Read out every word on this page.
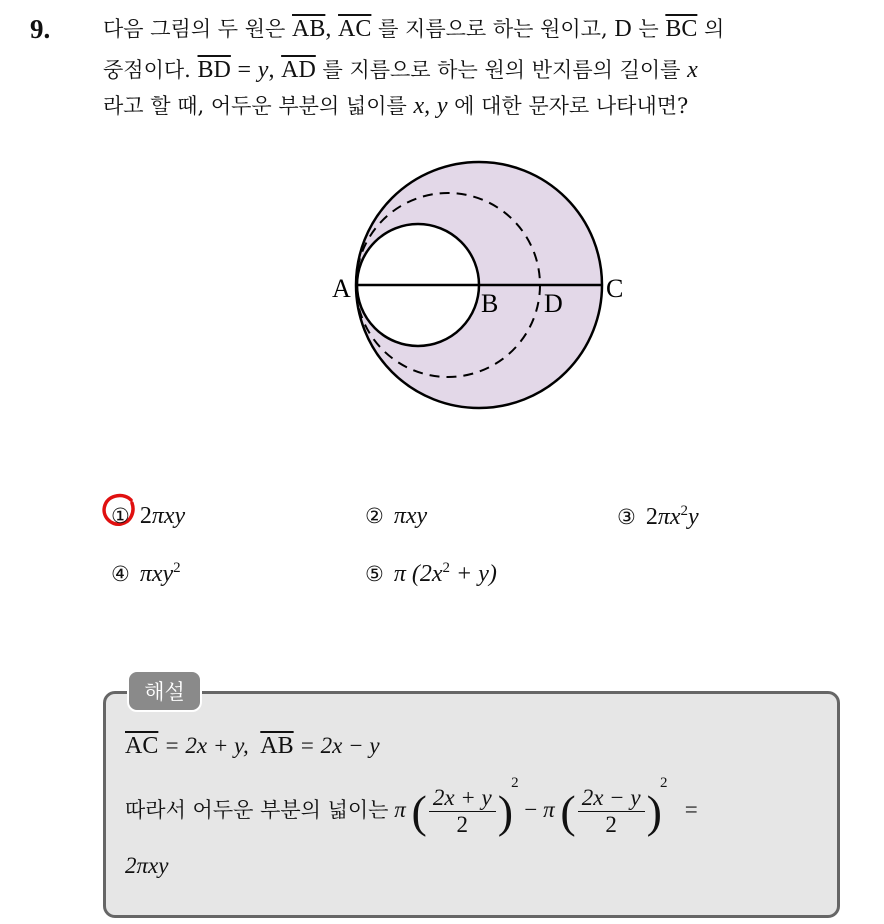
9.	다음 그림의 두 원은 $\overline{AB}$, $\overline{AC}$ 를 지름으로 하는 원이고, D 는 $\overline{BC}$ 의
중점이다. $\overline{BD} = y$, $\overline{AD}$ 를 지름으로 하는 원의 반지름의 길이를 x
라고 할 때, 어두운 부분의 넓이를 x, y 에 대한 문자로 나타내면?
A
B D
C
① 2πxy	② πxy	③ $2\pi x^2y$
④ πxy$^2$	⑤ π $(2x^2 + y)$
해설
$\overline{AC} = 2x + y$, $\overline{AB} = 2x - y$
따라서 어두운 부분의 넓이는 π ( $\frac{2x + y}{2} )^2 - \pi$ ( $\frac{2x - y}{2} )^2$   =
2πxy
